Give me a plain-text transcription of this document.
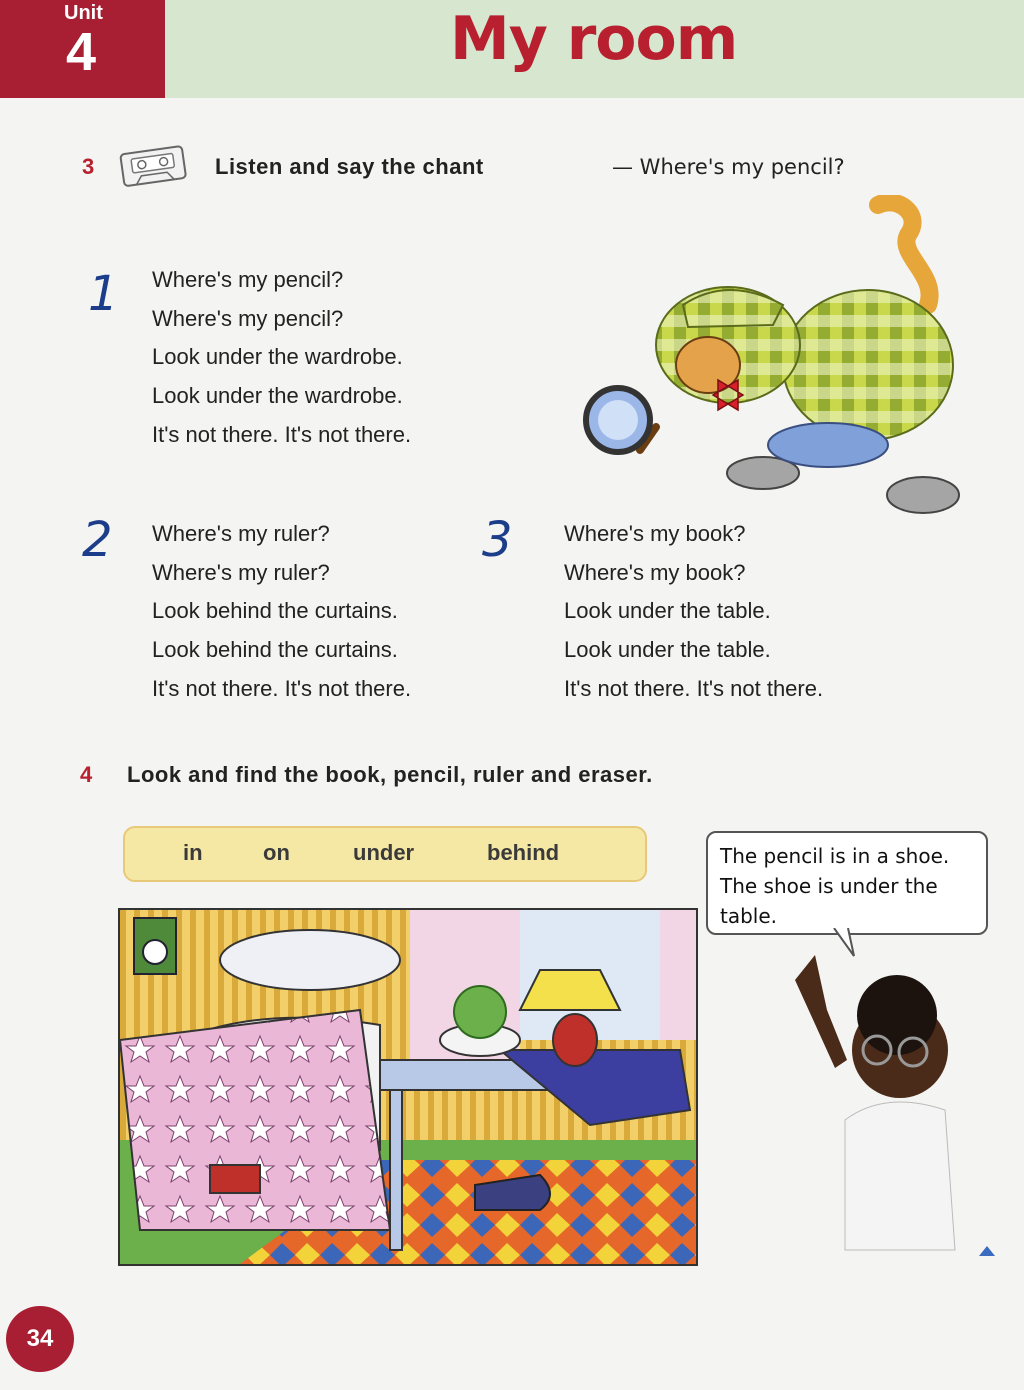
Unit
4	My room
3	Listen and say the chant	— Where's my pencil?
1 Where's my pencil?
Where's my pencil?
Look under the wardrobe.
Look under the wardrobe.
It's not there. It's not there.
2 Where's my ruler?
Where's my ruler?
Look behind the curtains.
Look behind the curtains.
It's not there. It's not there.
3 Where's my book?
Where's my book?
Look under the table.
Look under the table.
It's not there. It's not there.
4 Look and find the book, pencil, ruler and eraser.
in	on	under	behind	The pencil is in a shoe.
The shoe is under the
table.
34
